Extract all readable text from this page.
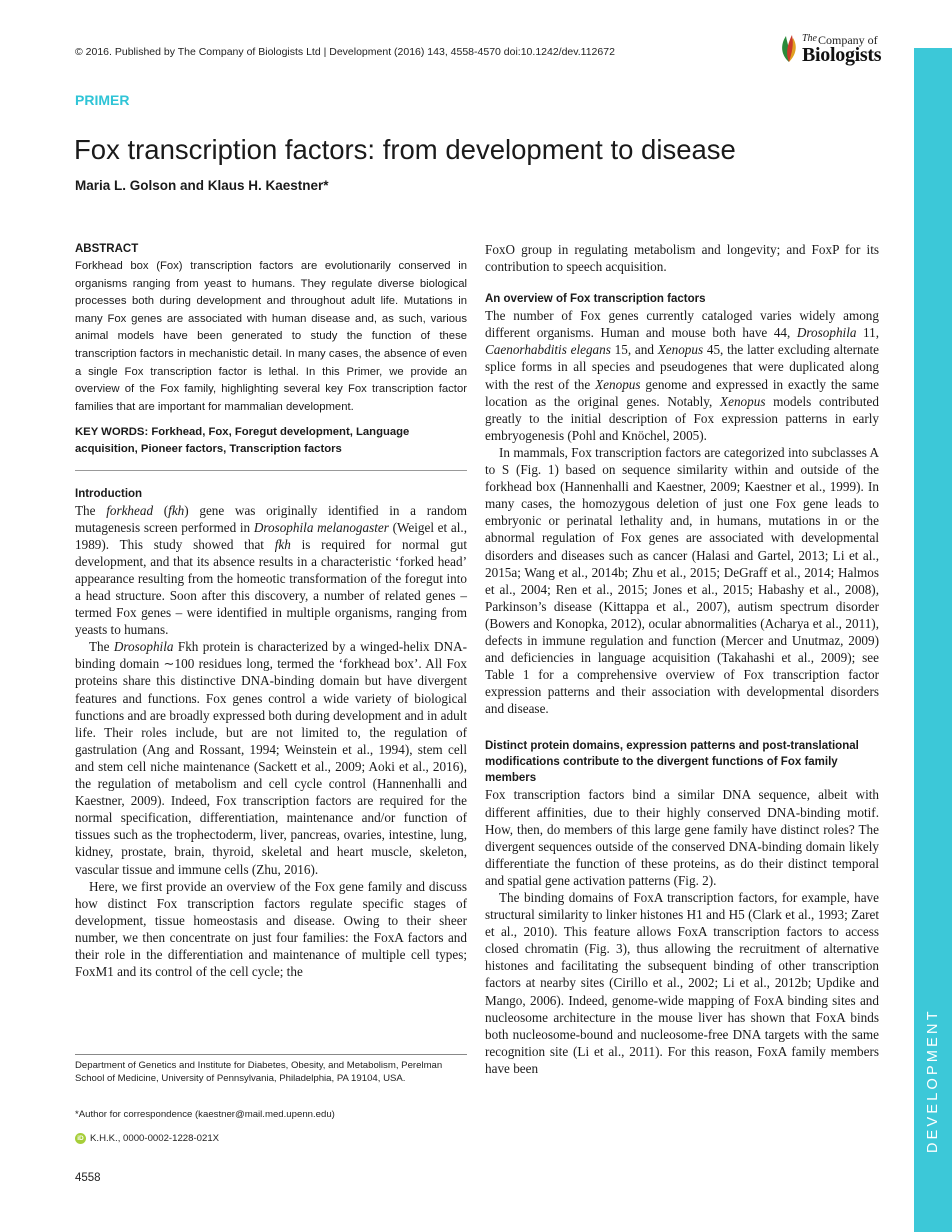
© 2016. Published by The Company of Biologists Ltd | Development (2016) 143, 4558-4570 doi:10.1242/dev.112672
The Company of
Biologists
DEVELOPMENT
PRIMER
Fox transcription factors: from development to disease
Maria L. Golson and Klaus H. Kaestner*

ABSTRACT

Forkhead box (Fox) transcription factors are evolutionarily conserved in organisms ranging from yeast to humans. They regulate diverse biological processes both during development and throughout adult life. Mutations in many Fox genes are associated with human disease and, as such, various animal models have been generated to study the function of these transcription factors in mechanistic detail. In many cases, the absence of even a single Fox transcription factor is lethal. In this Primer, we provide an overview of the Fox family, highlighting several key Fox transcription factor families that are important for mammalian development.

KEY WORDS: Forkhead, Fox, Foregut development, Language acquisition, Pioneer factors, Transcription factors

Introduction

The forkhead (fkh) gene was originally identified in a random mutagenesis screen performed in Drosophila melanogaster (Weigel et al., 1989). This study showed that fkh is required for normal gut development, and that its absence results in a characteristic ‘forked head’ appearance resulting from the homeotic transformation of the foregut into a head structure. Soon after this discovery, a number of related genes – termed Fox genes – were identified in multiple organisms, ranging from yeasts to humans.

The Drosophila Fkh protein is characterized by a winged-helix DNA-binding domain ∼100 residues long, termed the ‘forkhead box’. All Fox proteins share this distinctive DNA-binding domain but have divergent features and functions. Fox genes control a wide variety of biological functions and are broadly expressed both during development and in adult life. Their roles include, but are not limited to, the regulation of gastrulation (Ang and Rossant, 1994; Weinstein et al., 1994), stem cell and stem cell niche maintenance (Sackett et al., 2009; Aoki et al., 2016), the regulation of metabolism and cell cycle control (Hannenhalli and Kaestner, 2009). Indeed, Fox transcription factors are required for the normal specification, differentiation, maintenance and/or function of tissues such as the trophectoderm, liver, pancreas, ovaries, intestine, lung, kidney, prostate, brain, thyroid, skeletal and heart muscle, skeleton, vascular tissue and immune cells (Zhu, 2016).

Here, we first provide an overview of the Fox gene family and discuss how distinct Fox transcription factors regulate specific stages of development, tissue homeostasis and disease. Owing to their sheer number, we then concentrate on just four families: the FoxA factors and their role in the differentiation and maintenance of multiple cell types; FoxM1 and its control of the cell cycle; the

FoxO group in regulating metabolism and longevity; and FoxP for its contribution to speech acquisition.

An overview of Fox transcription factors

The number of Fox genes currently cataloged varies widely among different organisms. Human and mouse both have 44, Drosophila 11, Caenorhabditis elegans 15, and Xenopus 45, the latter excluding alternate splice forms in all species and pseudogenes that were duplicated along with the rest of the Xenopus genome and expressed in exactly the same location as the original genes. Notably, Xenopus models contributed greatly to the initial description of Fox expression patterns in early embryogenesis (Pohl and Knöchel, 2005).

In mammals, Fox transcription factors are categorized into subclasses A to S (Fig. 1) based on sequence similarity within and outside of the forkhead box (Hannenhalli and Kaestner, 2009; Kaestner et al., 1999). In many cases, the homozygous deletion of just one Fox gene leads to embryonic or perinatal lethality and, in humans, mutations in or the abnormal regulation of Fox genes are associated with developmental disorders and diseases such as cancer (Halasi and Gartel, 2013; Li et al., 2015a; Wang et al., 2014b; Zhu et al., 2015; DeGraff et al., 2014; Halmos et al., 2004; Ren et al., 2015; Jones et al., 2015; Habashy et al., 2008), Parkinson’s disease (Kittappa et al., 2007), autism spectrum disorder (Bowers and Konopka, 2012), ocular abnormalities (Acharya et al., 2011), defects in immune regulation and function (Mercer and Unutmaz, 2009) and deficiencies in language acquisition (Takahashi et al., 2009); see Table 1 for a comprehensive overview of Fox transcription factor expression patterns and their association with developmental disorders and disease.

Distinct protein domains, expression patterns and post-translational modifications contribute to the divergent functions of Fox family members

Fox transcription factors bind a similar DNA sequence, albeit with different affinities, due to their highly conserved DNA-binding motif. How, then, do members of this large gene family have distinct roles? The divergent sequences outside of the conserved DNA-binding domain likely differentiate the function of these proteins, as do their distinct temporal and spatial gene activation patterns (Fig. 2).

The binding domains of FoxA transcription factors, for example, have structural similarity to linker histones H1 and H5 (Clark et al., 1993; Zaret et al., 2010). This feature allows FoxA transcription factors to access closed chromatin (Fig. 3), thus allowing the recruitment of alternative histones and facilitating the subsequent binding of other transcription factors at nearby sites (Cirillo et al., 2002; Li et al., 2012b; Updike and Mango, 2006). Indeed, genome-wide mapping of FoxA binding sites and nucleosome architecture in the mouse liver has shown that FoxA binds both nucleosome-bound and nucleosome-free DNA targets with the same recognition site (Li et al., 2011). For this reason, FoxA family members have been

Department of Genetics and Institute for Diabetes, Obesity, and Metabolism, Perelman School of Medicine, University of Pennsylvania, Philadelphia, PA 19104, USA.
*Author for correspondence (kaestner@mail.med.upenn.edu)
iD K.H.K., 0000-0002-1228-021X
4558
